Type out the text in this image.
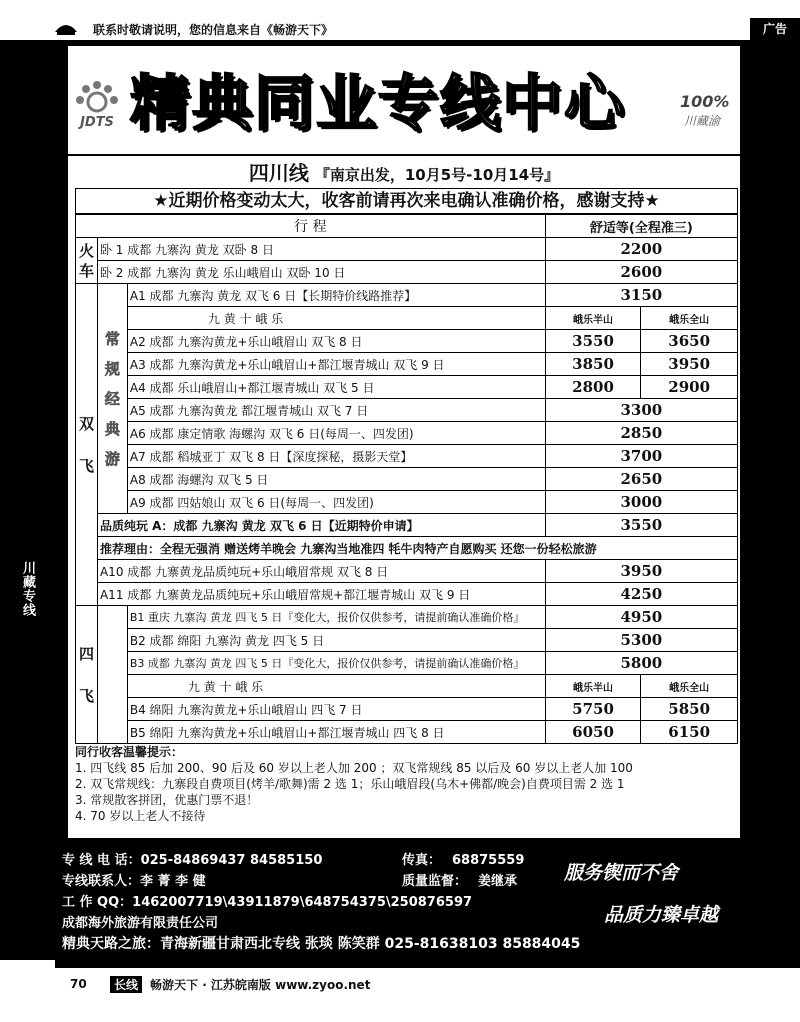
联系时敬请说明，您的信息来自《畅游天下》	广告
川藏专线
JDTS 精典同业专线中心	100%
川藏渝
四川线 『南京出发，10月5号-10月14号』
★近期价格变动太大，收客前请再次来电确认准确价格，感谢支持★
行 程			舒适等(全程准三)	
火车	卧 1 成都 九寨沟 黄龙 双卧 8 日		2200	
	卧 2 成都 九寨沟 黄龙 乐山峨眉山 双卧 10 日		2600	
双飞	常规经典游	A1 成都 九寨沟 黄龙 双飞 6 日【长期特价线路推荐】	3150	
		九 黄 十 峨 乐	峨乐半山	峨乐全山
		A2 成都 九寨沟黄龙+乐山峨眉山 双飞 8 日	3550	3650
		A3 成都 九寨沟黄龙+乐山峨眉山+都江堰青城山 双飞 9 日	3850	3950
		A4 成都 乐山峨眉山+都江堰青城山 双飞 5 日	2800	2900
		A5 成都 九寨沟黄龙 都江堰青城山 双飞 7 日	3300	
		A6 成都 康定情歌 海螺沟 双飞 6 日(每周一、四发团)	2850	
		A7 成都 稻城亚丁 双飞 8 日【深度探秘，摄影天堂】	3700	
		A8 成都 海螺沟 双飞 5 日	2650	
		A9 成都 四姑娘山 双飞 6 日(每周一、四发团)	3000	
	品质纯玩 A：成都 九寨沟 黄龙 双飞 6 日【近期特价申请】		3550	
	推荐理由：全程无强消 赠送烤羊晚会 九寨沟当地准四 牦牛肉特产自愿购买 还您一份轻松旅游			
	A10 成都 九寨黄龙品质纯玩+乐山峨眉常规 双飞 8 日		3950	
	A11 成都 九寨黄龙品质纯玩+乐山峨眉常规+都江堰青城山 双飞 9 日		4250	
四飞		B1 重庆 九寨沟 黄龙 四飞 5 日『变化大，报价仅供参考，请提前确认准确价格』	4950	
		B2 成都 绵阳 九寨沟 黄龙 四飞 5 日	5300	
		B3 成都 九寨沟 黄龙 四飞 5 日『变化大，报价仅供参考，请提前确认准确价格』	5800	
		九 黄 十 峨 乐	峨乐半山	峨乐全山
		B4 绵阳 九寨沟黄龙+乐山峨眉山 四飞 7 日	5750	5850
		B5 绵阳 九寨沟黄龙+乐山峨眉山+都江堰青城山 四飞 8 日	6050	6150
同行收客温馨提示：
1. 四飞线 85 后加 200、90 后及 60 岁以上老人加 200 ；双飞常规线 85 以后及 60 岁以上老人加 100
2. 双飞常规线：九寨段自费项目(烤羊/歌舞)需 2 选 1；乐山峨眉段(乌木+佛都/晚会)自费项目需 2 选 1
3. 常规散客拼团，优惠门票不退！
4. 70 岁以上老人不接待
专 线 电 话：025-84869437 84585150	传真： 68875559
专线联系人：李 菁 李 健	质量监督： 姜继承
工 作 QQ：1462007719\43911879\648754375\250876597
成都海外旅游有限责任公司
精典天路之旅：青海新疆甘肃西北专线 张琰 陈笑群 025-81638103 85884045
服务锲而不舍
品质力臻卓越
70	长线	畅游天下 · 江苏皖南版 www.zyoo.net
